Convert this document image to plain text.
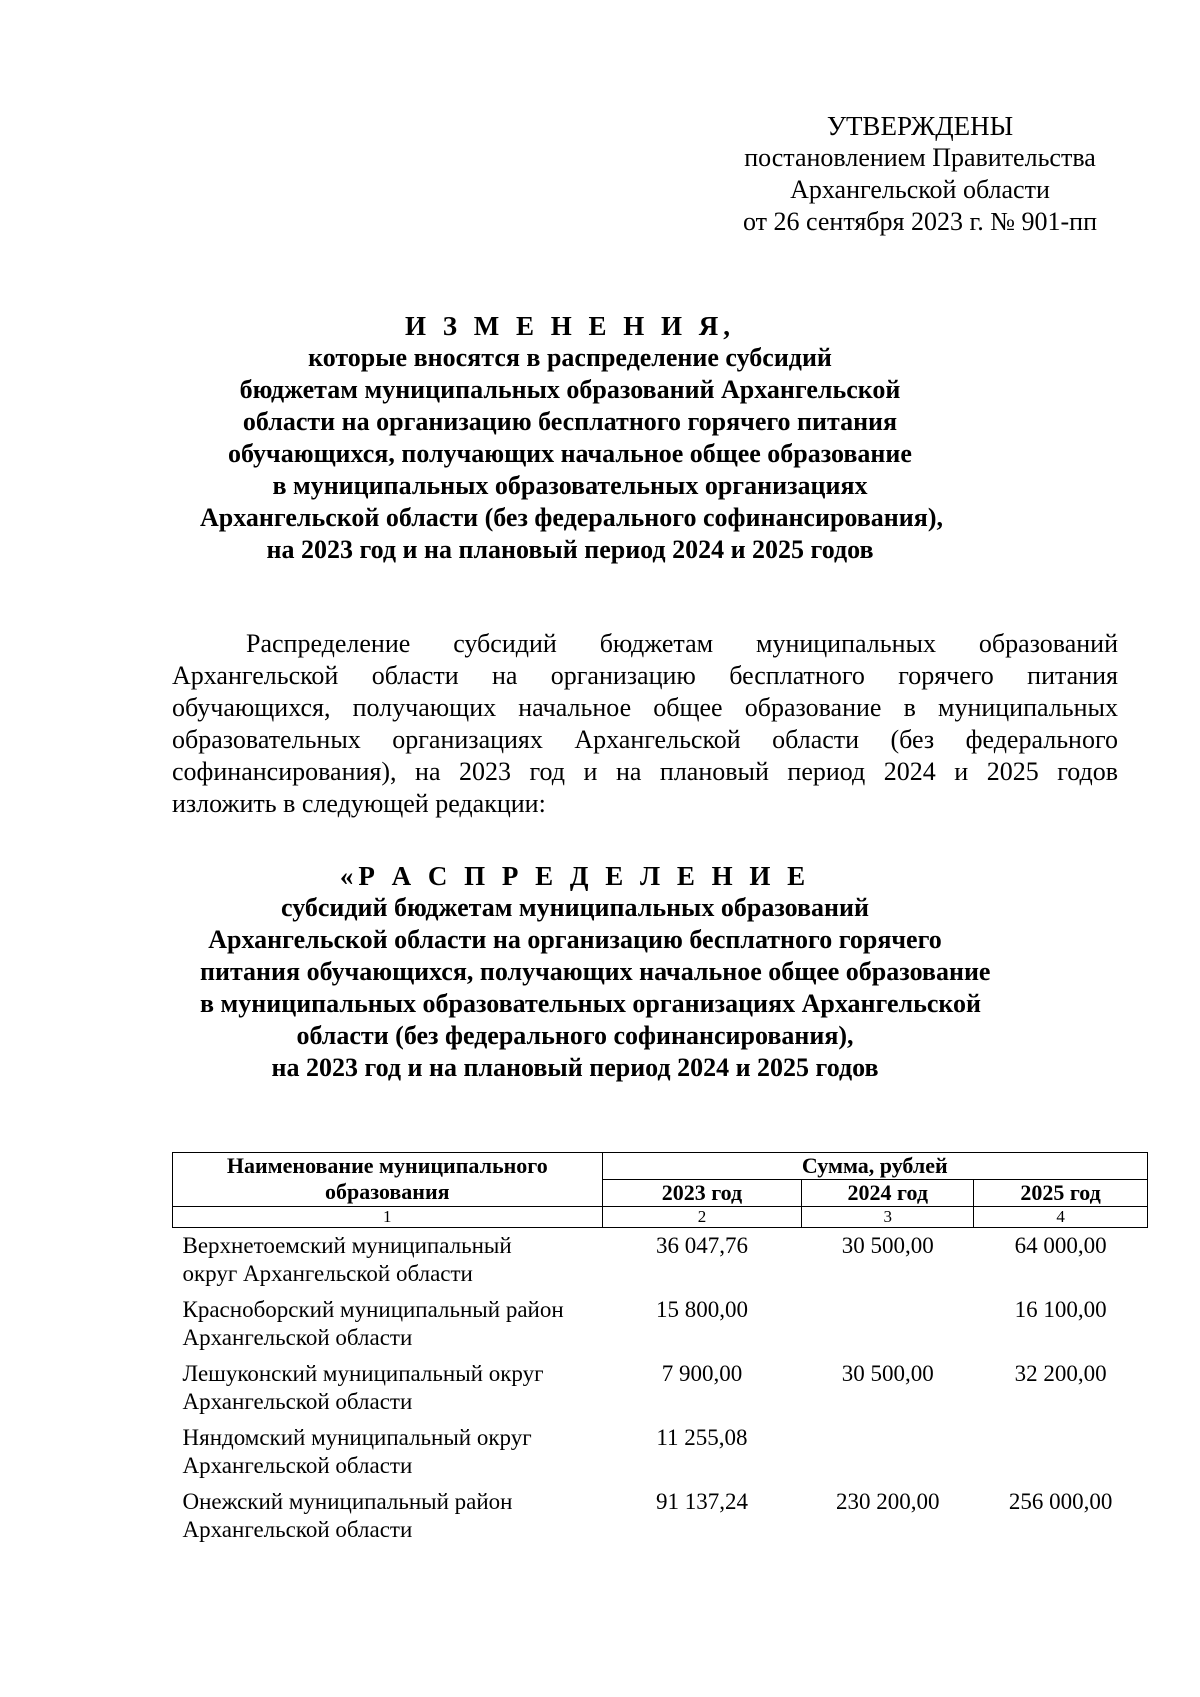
УТВЕРЖДЕНЫ
постановлением Правительства
Архангельской области
от 26 сентября 2023 г. № 901-пп
И З М Е Н Е Н И Я,
которые вносятся в распределение субсидий
бюджетам муниципальных образований Архангельской
области на организацию бесплатного горячего питания
обучающихся, получающих начальное общее образование
в муниципальных образовательных организациях
Архангельской области (без федерального софинансирования),
на 2023 год и на плановый период 2024 и 2025 годов
Распределение субсидий бюджетам муниципальных образований
Архангельской области на организацию бесплатного горячего питания
обучающихся, получающих начальное общее образование в муниципальных
образовательных организациях Архангельской области (без федерального
софинансирования), на 2023 год и на плановый период 2024 и 2025 годов
изложить в следующей редакции:
«Р А С П Р Е Д Е Л Е Н И Е
субсидий бюджетам муниципальных образований
Архангельской области на организацию бесплатного горячего
питания обучающихся, получающих начальное общее образование
в муниципальных образовательных организациях Архангельской
области (без федерального софинансирования),
на 2023 год и на плановый период 2024 и 2025 годов
Наименование муниципального
образования	Сумма, рублей		
	2023 год	2024 год	2025 год
1	2	3	4

Верхнетоемский муниципальный
округ Архангельской области	36 047,76	30 500,00	64 000,00

Красноборский муниципальный район
Архангельской области	15 800,00		16 100,00

Лешуконский муниципальный округ
Архангельской области	7 900,00	30 500,00	32 200,00

Няндомский муниципальный округ
Архангельской области	11 255,08		

Онежский муниципальный район
Архангельской области	91 137,24	230 200,00	256 000,00
